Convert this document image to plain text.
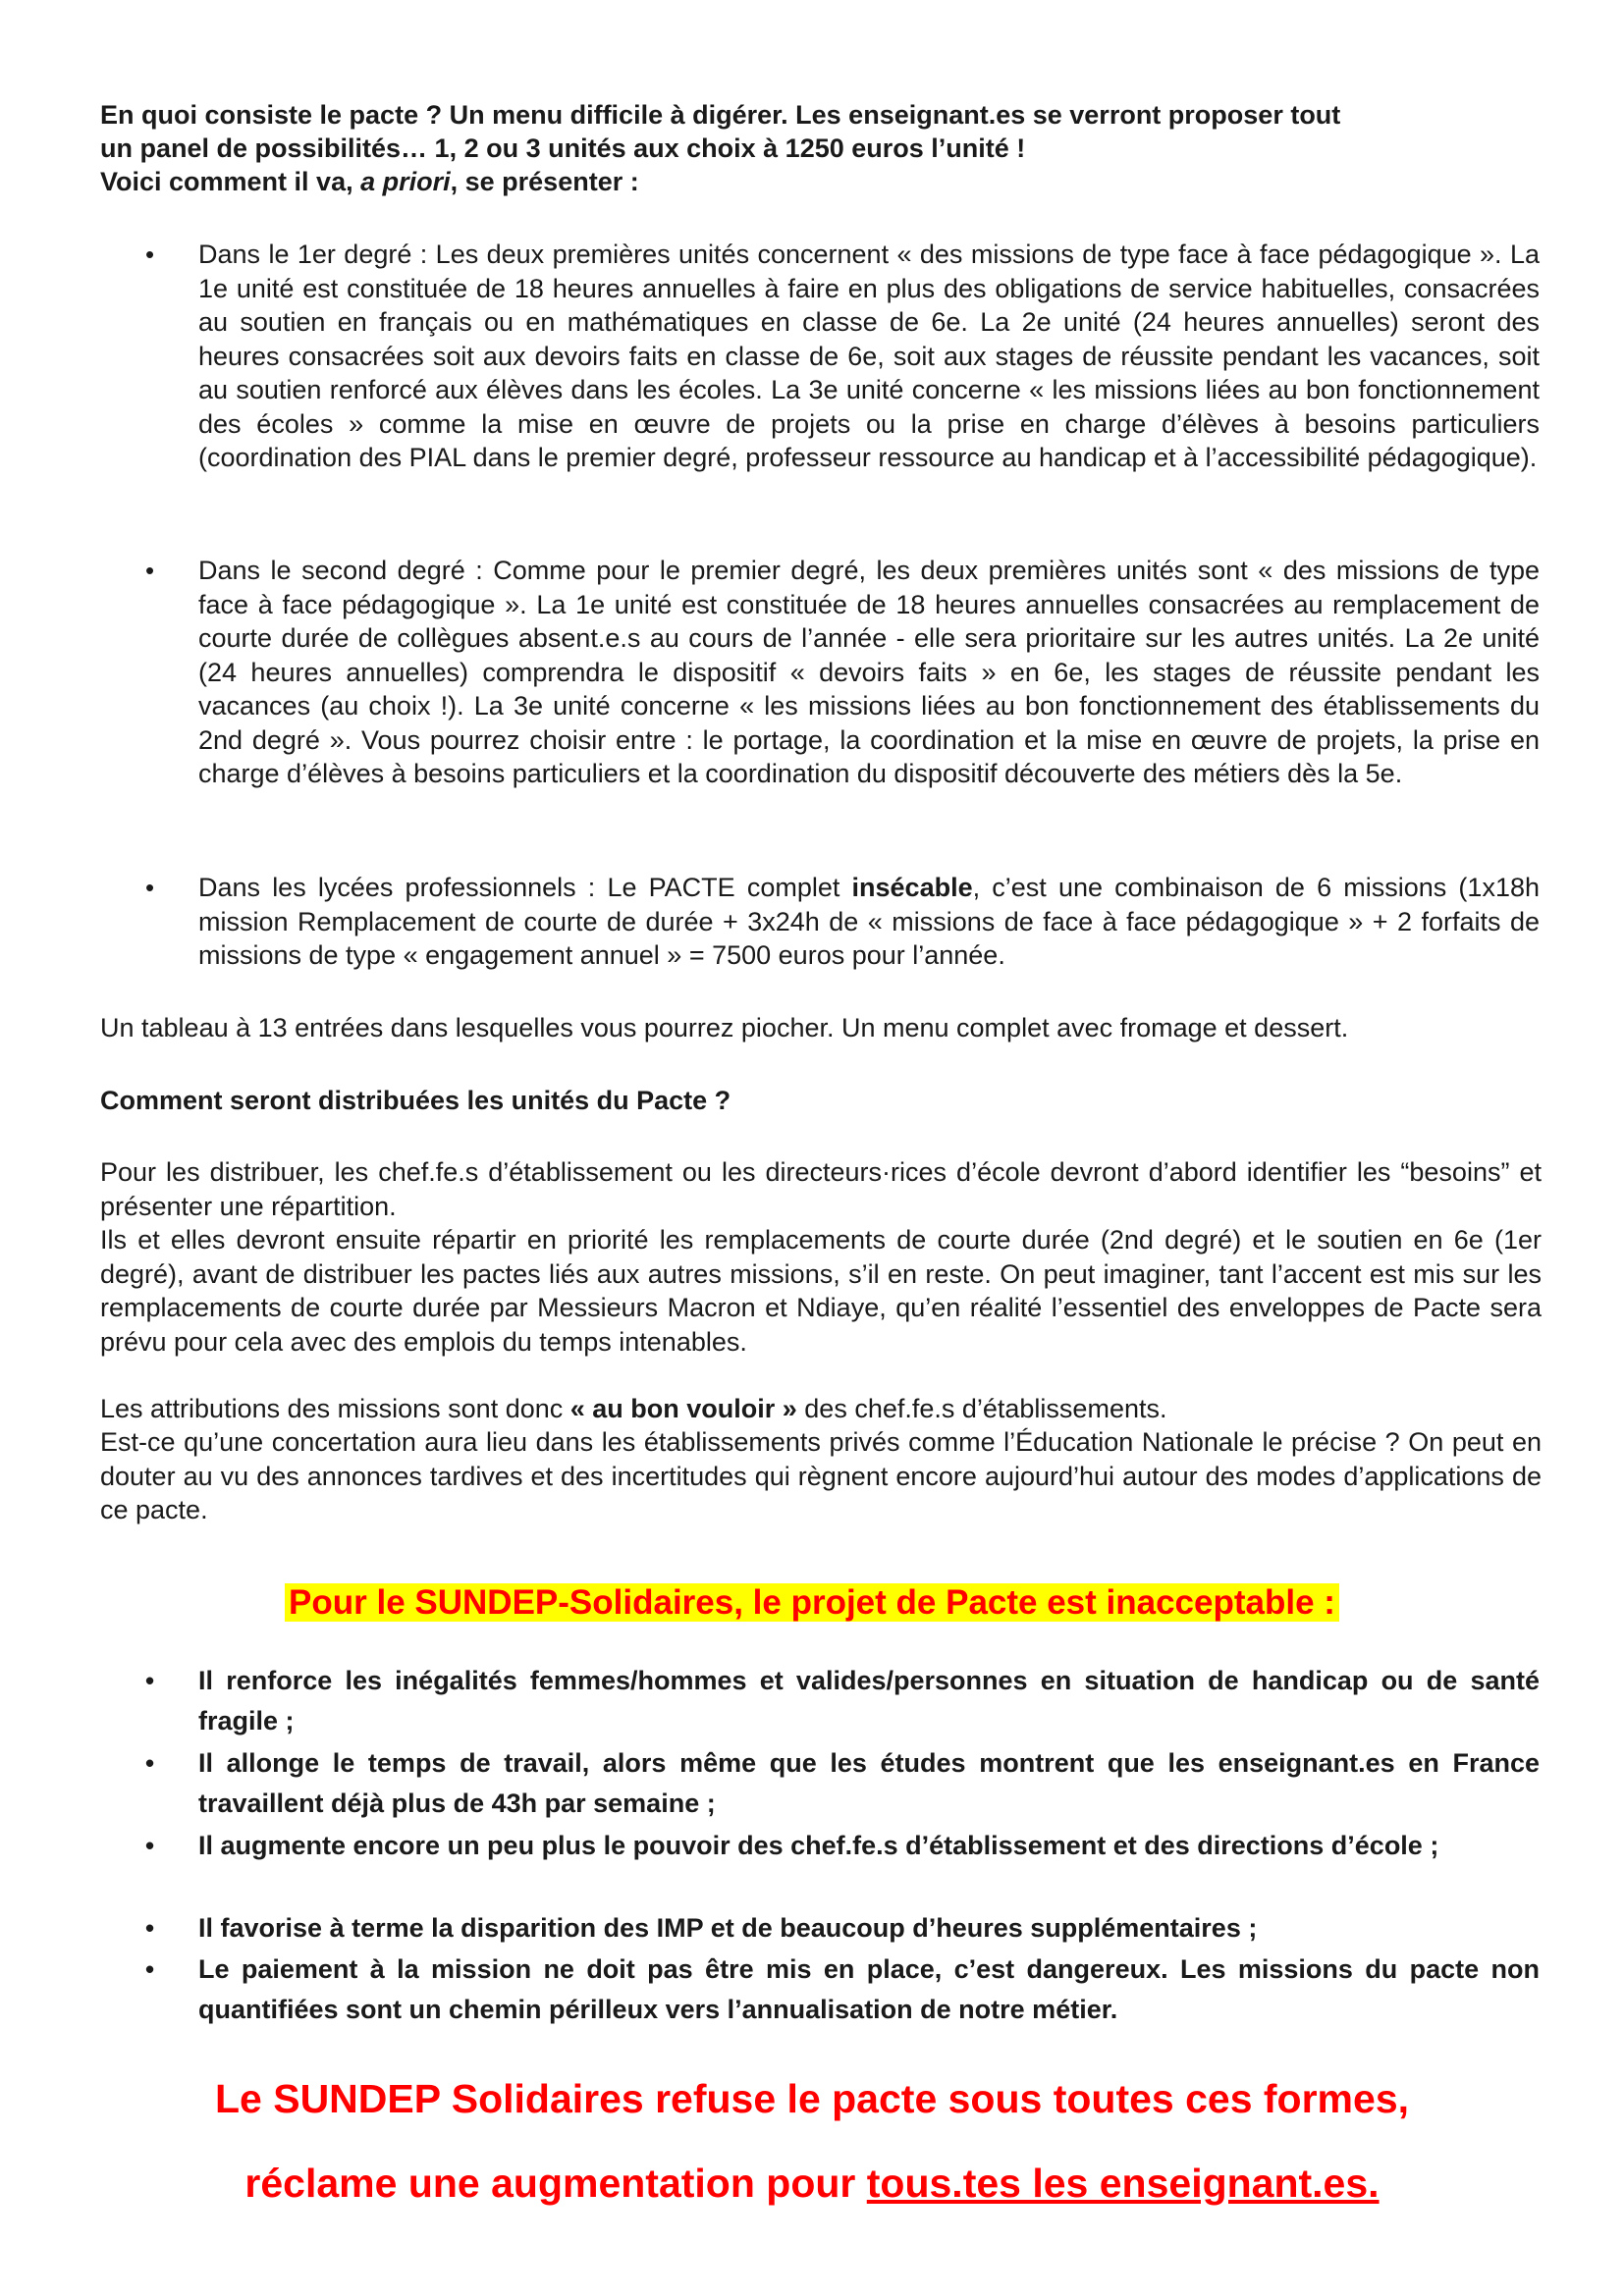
En quoi consiste le pacte ? Un menu difficile à digérer. Les enseignant.es se verront proposer tout

un panel de possibilités… 1, 2 ou 3 unités aux choix à 1250 euros l’unité !

Voici comment il va, a priori, se présenter :

• Dans le 1er degré : Les deux premières unités concernent « des missions de type face à face pédagogique ». La 1e unité est constituée de 18 heures annuelles à faire en plus des obligations de service habituelles, consacrées au soutien en français ou en mathématiques en classe de 6e. La 2e unité (24 heures annuelles) seront des heures consacrées soit aux devoirs faits en classe de 6e, soit aux stages de réussite pendant les vacances, soit au soutien renforcé aux élèves dans les écoles. La 3e unité concerne « les missions liées au bon fonctionnement des écoles » comme la mise en œuvre de projets ou la prise en charge d’élèves à besoins particuliers (coordination des PIAL dans le premier degré, professeur ressource au handicap et à l’accessibilité pédagogique).

• Dans le second degré : Comme pour le premier degré, les deux premières unités sont « des missions de type face à face pédagogique ». La 1e unité est constituée de 18 heures annuelles consacrées au remplacement de courte durée de collègues absent.e.s au cours de l’année - elle sera prioritaire sur les autres unités. La 2e unité (24 heures annuelles) comprendra le dispositif « devoirs faits » en 6e, les stages de réussite pendant les vacances (au choix !). La 3e unité concerne « les missions liées au bon fonctionnement des établissements du 2nd degré ». Vous pourrez choisir entre : le portage, la coordination et la mise en œuvre de projets, la prise en charge d’élèves à besoins particuliers et la coordination du dispositif découverte des métiers dès la 5e.

• Dans les lycées professionnels : Le PACTE complet insécable, c’est une combinaison de 6 missions (1x18h mission Remplacement de courte de durée + 3x24h de « missions de face à face pédagogique » + 2 forfaits de missions de type « engagement annuel » = 7500 euros pour l’année.

Un tableau à 13 entrées dans lesquelles vous pourrez piocher. Un menu complet avec fromage et dessert.

Comment seront distribuées les unités du Pacte ?

Pour les distribuer, les chef.fe.s d’établissement ou les directeurs·rices d’école devront d’abord identifier les “besoins” et présenter une répartition.

Ils et elles devront ensuite répartir en priorité les remplacements de courte durée (2nd degré) et le soutien en 6e (1er degré), avant de distribuer les pactes liés aux autres missions, s’il en reste. On peut imaginer, tant l’accent est mis sur les remplacements de courte durée par Messieurs Macron et Ndiaye, qu’en réalité l’essentiel des enveloppes de Pacte sera prévu pour cela avec des emplois du temps intenables.

Les attributions des missions sont donc « au bon vouloir » des chef.fe.s d’établissements.

Est-ce qu’une concertation aura lieu dans les établissements privés comme l’Éducation Nationale le précise ? On peut en douter au vu des annonces tardives et des incertitudes qui règnent encore aujourd’hui autour des modes d’applications de ce pacte.

Pour le SUNDEP-Solidaires, le projet de Pacte est inacceptable :
• Il renforce les inégalités femmes/hommes et valides/personnes en situation de handicap ou de santé fragile ;

• Il allonge le temps de travail, alors même que les études montrent que les enseignant.es en France travaillent déjà plus de 43h par semaine ;

• Il augmente encore un peu plus le pouvoir des chef.fe.s d’établissement et des directions d’école ;

• Il favorise à terme la disparition des IMP et de beaucoup d’heures supplémentaires ;

• Le paiement à la mission ne doit pas être mis en place, c’est dangereux. Les missions du pacte non quantifiées sont un chemin périlleux vers l’annualisation de notre métier.

Le SUNDEP Solidaires refuse le pacte sous toutes ces formes,
réclame une augmentation pour tous.tes les enseignant.es.
